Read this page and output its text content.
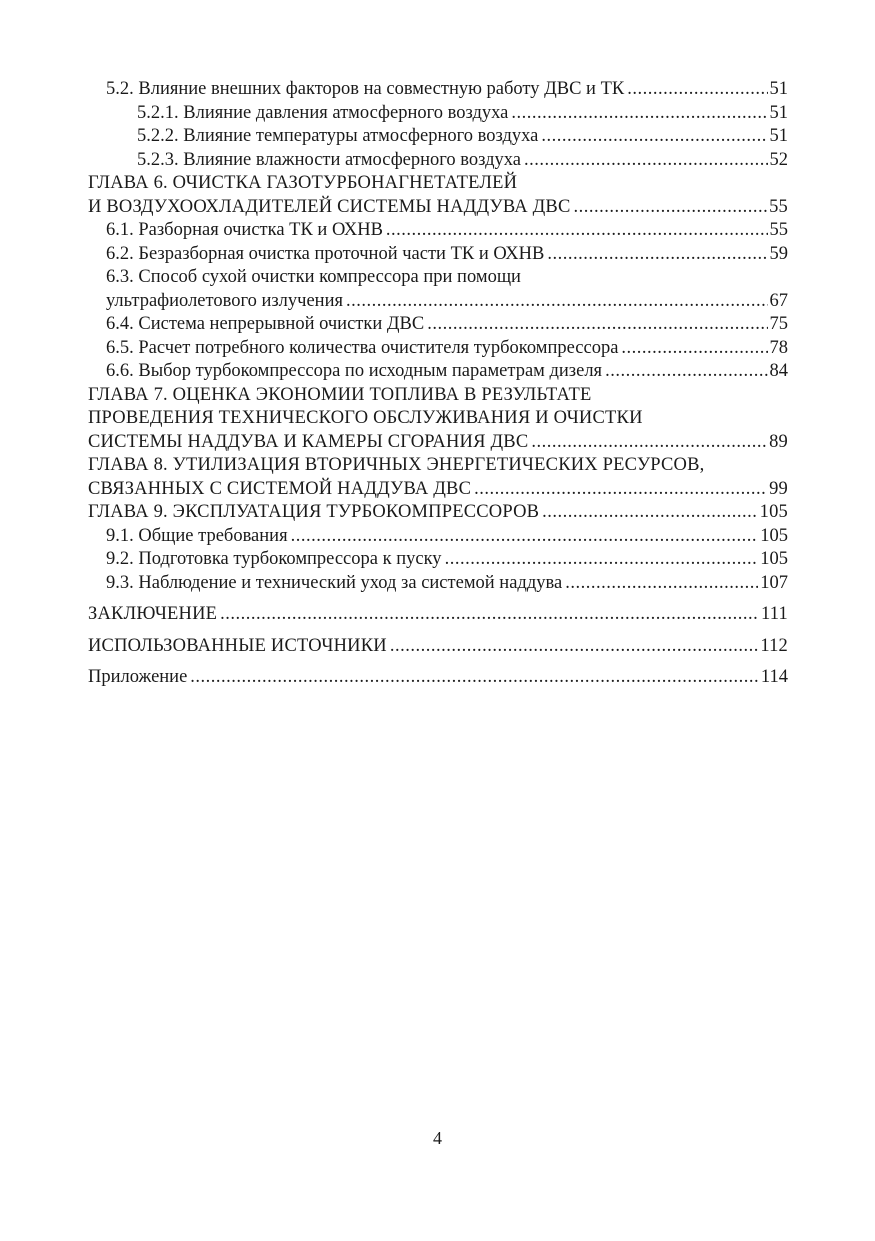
5.2. Влияние внешних факторов на совместную работу ДВС и ТК .....	51
5.2.1. Влияние давления атмосферного воздуха .....	51
5.2.2. Влияние температуры атмосферного воздуха .....	51
5.2.3. Влияние влажности атмосферного воздуха .....	52
ГЛАВА 6. ОЧИСТКА ГАЗОТУРБОНАГНЕТАТЕЛЕЙ
И ВОЗДУХООХЛАДИТЕЛЕЙ СИСТЕМЫ НАДДУВА ДВС .....	55
6.1. Разборная очистка ТК и ОХНВ .....	55
6.2. Безразборная очистка проточной части ТК и ОХНВ .....	59
6.3. Способ сухой очистки компрессора при помощи
ультрафиолетового излучения .....	67
6.4. Система непрерывной очистки ДВС .....	75
6.5. Расчет потребного количества очистителя турбокомпрессора .....	78
6.6. Выбор турбокомпрессора по исходным параметрам дизеля .....	84
ГЛАВА 7. ОЦЕНКА ЭКОНОМИИ ТОПЛИВА В РЕЗУЛЬТАТЕ
ПРОВЕДЕНИЯ ТЕХНИЧЕСКОГО ОБСЛУЖИВАНИЯ И ОЧИСТКИ
СИСТЕМЫ НАДДУВА И КАМЕРЫ СГОРАНИЯ ДВС .....	89
ГЛАВА 8. УТИЛИЗАЦИЯ ВТОРИЧНЫХ ЭНЕРГЕТИЧЕСКИХ РЕСУРСОВ,
СВЯЗАННЫХ С СИСТЕМОЙ НАДДУВА ДВС .....	99
ГЛАВА 9. ЭКСПЛУАТАЦИЯ ТУРБОКОМПРЕССОРОВ .....	105
9.1. Общие требования .....	105
9.2. Подготовка турбокомпрессора к пуску .....	105
9.3. Наблюдение и технический уход за системой наддува .....	107
ЗАКЛЮЧЕНИЕ .....	111
ИСПОЛЬЗОВАННЫЕ ИСТОЧНИКИ .....	112
Приложение .....	114
4
